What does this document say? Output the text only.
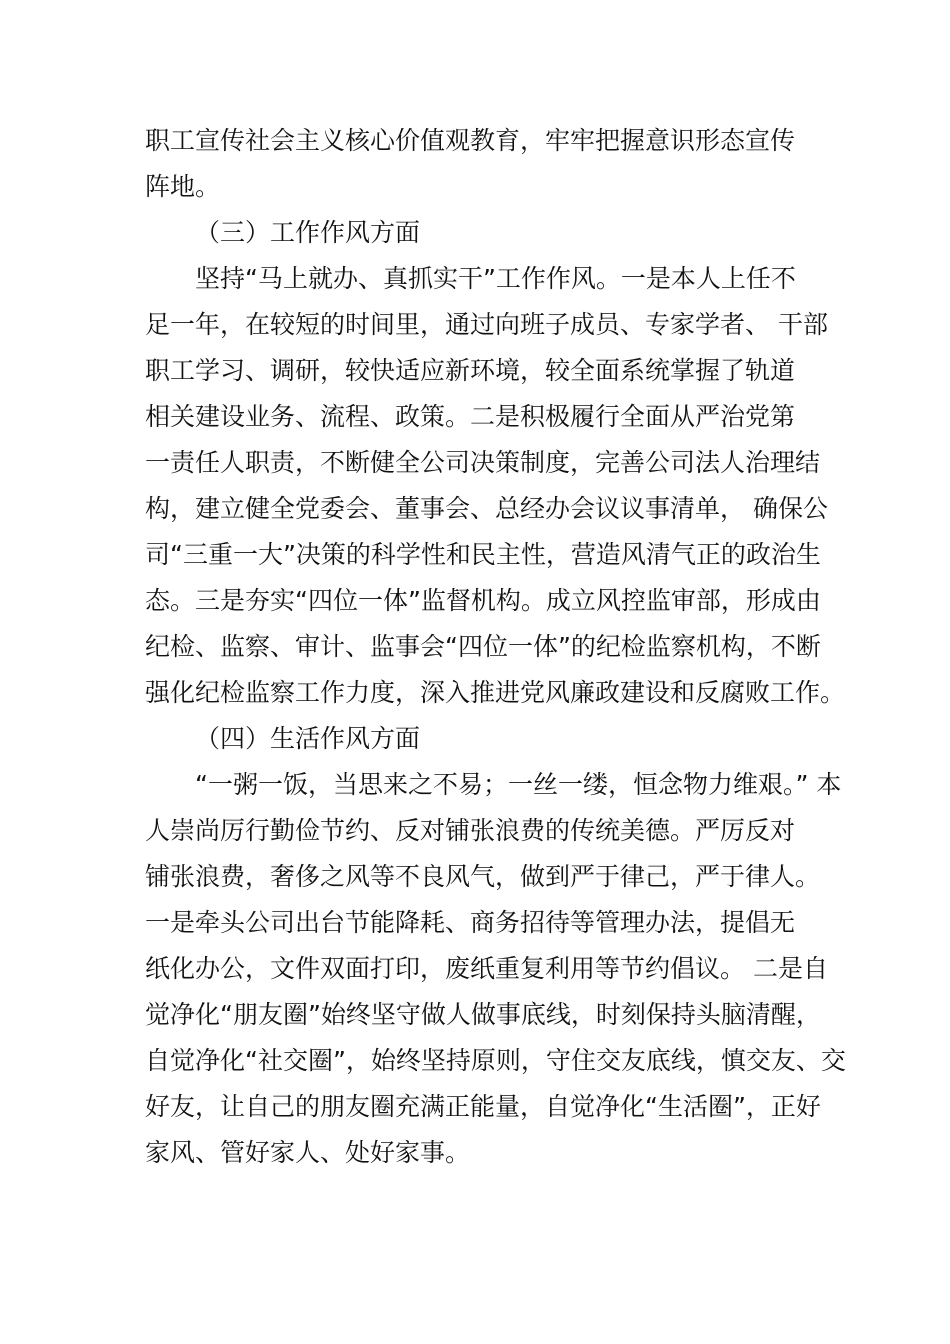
职工宣传社会主义核心价值观教育，牢牢把握意识形态宣传
阵地。
（三）工作作风方面
坚持“马上就办、真抓实干”工作作风。一是本人上任不
足一年，在较短的时间里，通过向班子成员、专家学者、 干部
职工学习、调研，较快适应新环境，较全面系统掌握了轨道
相关建设业务、流程、政策。二是积极履行全面从严治党第
一责任人职责，不断健全公司决策制度，完善公司法人治理结
构，建立健全党委会、董事会、总经办会议议事清单， 确保公
司“三重一大”决策的科学性和民主性，营造风清气正的政治生
态。三是夯实“四位一体”监督机构。成立风控监审部，形成由
纪检、监察、审计、监事会“四位一体”的纪检监察机构，不断
强化纪检监察工作力度，深入推进党风廉政建设和反腐败工作。
（四）生活作风方面
“一粥一饭，当思来之不易；一丝一缕，恒念物力维艰。” 本
人崇尚厉行勤俭节约、反对铺张浪费的传统美德。严厉反对
铺张浪费，奢侈之风等不良风气，做到严于律己，严于律人。
一是牵头公司出台节能降耗、商务招待等管理办法，提倡无
纸化办公，文件双面打印，废纸重复利用等节约倡议。 二是自
觉净化“朋友圈”始终坚守做人做事底线，时刻保持头脑清醒，
自觉净化“社交圈”，始终坚持原则，守住交友底线，慎交友、交
好友，让自己的朋友圈充满正能量，自觉净化“生活圈”，正好
家风、管好家人、处好家事。
